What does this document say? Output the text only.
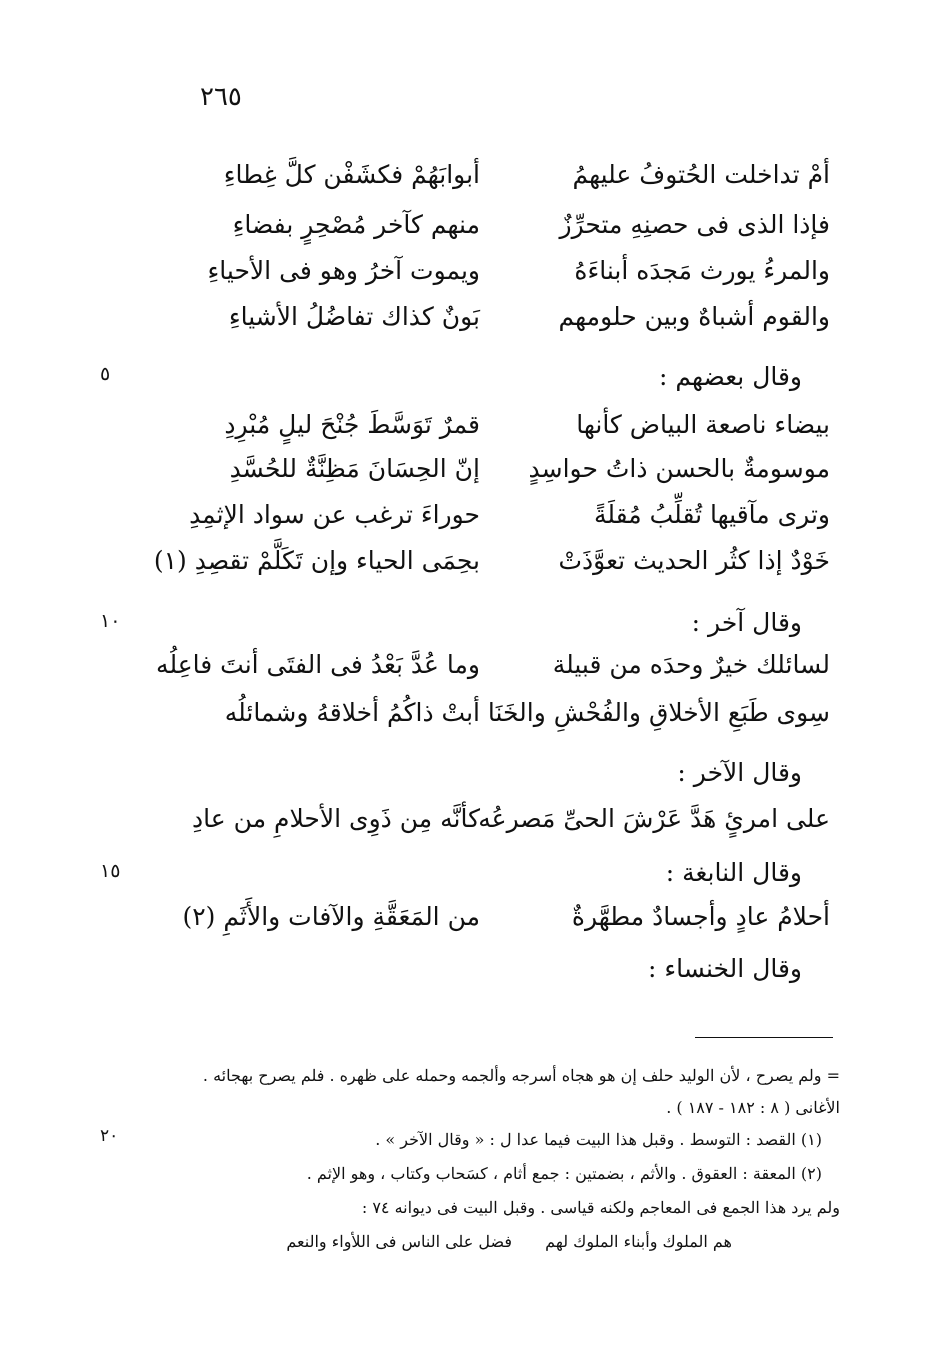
٢٦٥
أمْ تداخلت الحُتوفُ عليهمُ
أبوابَهُمْ فكشَفْن كلَّ غِطاءِ
فإذا الذى فى حصنِهِ متحرِّزٌ
منهم كآخر مُصْحِرٍ بفضاءِ
والمرءُ يورث مَجدَه أبناءَهُ
ويموت آخرُ وهو فى الأحياءِ
والقوم أشباهٌ وبين حلومهم
بَونٌ كذاك تفاضُلُ الأشياءِ
وقال بعضهم :
٥
بيضاء ناصعة البياض كأنها
قمرٌ تَوَسَّطَ جُنْحَ ليلٍ مُبْرِدِ
موسومةٌ بالحسن ذاتُ حواسِدٍ
إنّ الحِسَانَ مَظِنَّةٌ للحُسَّدِ
وترى مآقيها تُقلِّبُ مُقلَةً
حوراءَ ترغب عن سواد الإثمِدِ
خَوْدٌ إذا كثُر الحديث تعوَّذَتْ
بحِمَى الحياء وإن تَكَلَّمْ تقصِدِ (١)
وقال آخر :
١٠
لسائلك خيرٌ وحدَه من قبيلة
وما عُدَّ بَعْدُ فى الفتَى أنتَ فاعِلُه
سِوى طَبَعِ الأخلاقِ والفُحْشِ والخَنَا
أبتْ ذاكُمُ أخلاقهُ وشمائلُه
وقال الآخر :
على امرئٍ هَدَّ عَرْشَ الحىِّ مَصرعُه
كأنَّه مِن ذَوِى الأحلامِ من عادِ
وقال النابغة :
١٥
أحلامُ عادٍ وأجسادٌ مطهَّرةٌ
من المَعَقَّةِ والآفات والأَثَمِ (٢)
وقال الخنساء :
= ولم يصرح ، لأن الوليد حلف إن هو هجاه أسرجه وألجمه وحمله على ظهره . فلم يصرح بهجائه .
الأغانى ( ٨ : ١٨٢ - ١٨٧ ) .
٢٠	(١) القصد : التوسط . وقبل هذا البيت فيما عدا ل : « وقال الآخر » .
(٢) المعقة : العقوق . والأثم ، بضمتين : جمع أثام ، كسَحاب وكتاب ، وهو الإثم .
ولم يرد هذا الجمع فى المعاجم ولكنه قياسى . وقبل البيت فى ديوانه ٧٤ :
هم الملوك وأبناء الملوك لهم
فضل على الناس فى اللأواء والنعم
